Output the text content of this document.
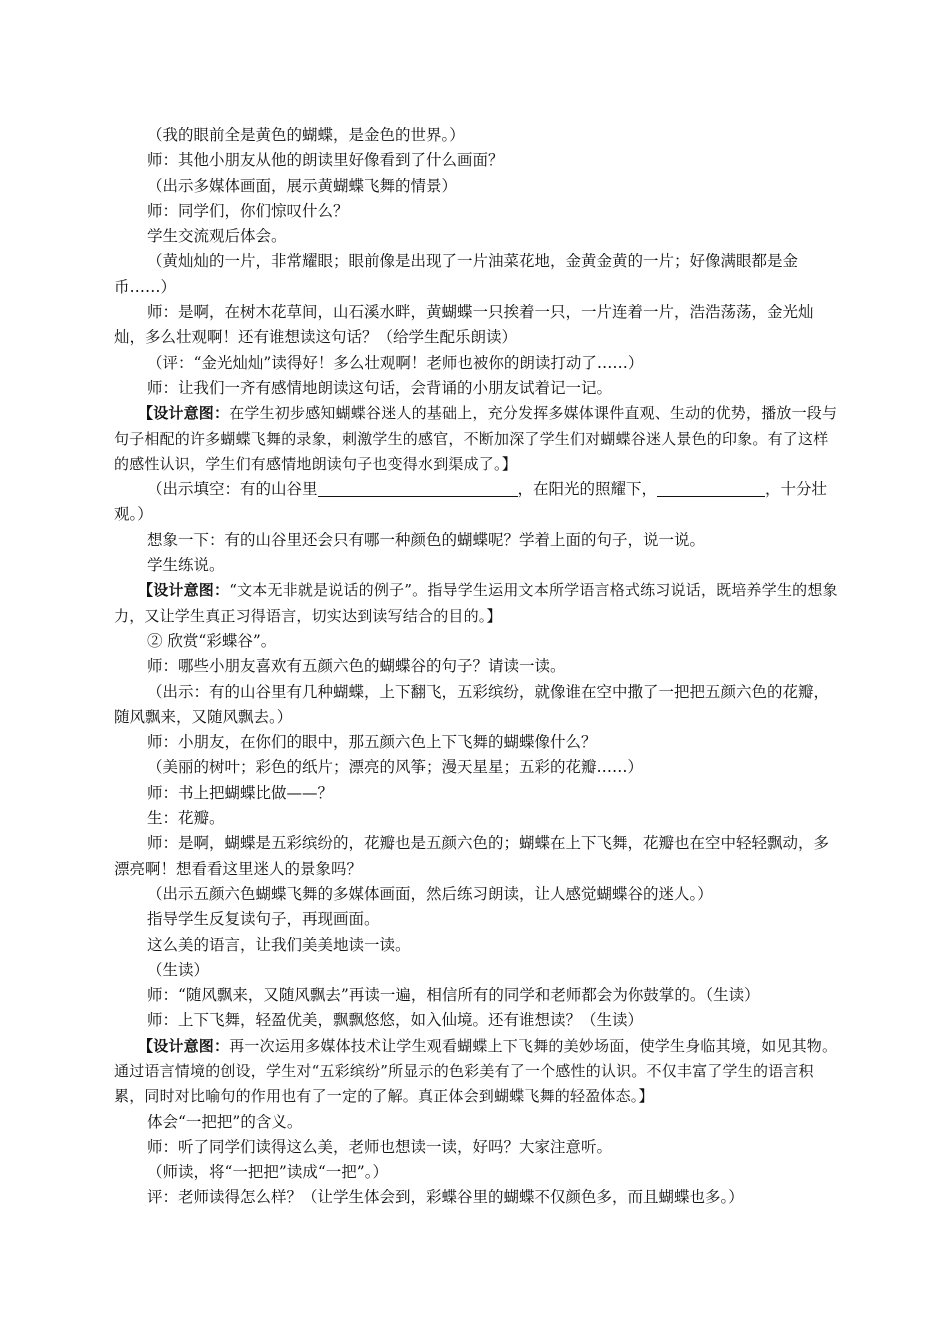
（我的眼前全是黄色的蝴蝶，是金色的世界。）

师：其他小朋友从他的朗读里好像看到了什么画面？

（出示多媒体画面，展示黄蝴蝶飞舞的情景）

师：同学们，你们惊叹什么？

学生交流观后体会。

（黄灿灿的一片，非常耀眼；眼前像是出现了一片油菜花地，金黄金黄的一片；好像满眼都是金币……）

师：是啊，在树木花草间，山石溪水畔，黄蝴蝶一只挨着一只，一片连着一片，浩浩荡荡，金光灿灿，多么壮观啊！还有谁想读这句话？（给学生配乐朗读）

（评：“金光灿灿”读得好！多么壮观啊！老师也被你的朗读打动了……）

师：让我们一齐有感情地朗读这句话，会背诵的小朋友试着记一记。

【设计意图：在学生初步感知蝴蝶谷迷人的基础上，充分发挥多媒体课件直观、生动的优势，播放一段与句子相配的许多蝴蝶飞舞的录象，刺激学生的感官，不断加深了学生们对蝴蝶谷迷人景色的印象。有了这样的感性认识，学生们有感情地朗读句子也变得水到渠成了。】

（出示填空：有的山谷里	，在阳光的照耀下，	，十分壮观。）

想象一下：有的山谷里还会只有哪一种颜色的蝴蝶呢？学着上面的句子，说一说。

学生练说。

【设计意图：“文本无非就是说话的例子”。指导学生运用文本所学语言格式练习说话，既培养学生的想象力，又让学生真正习得语言，切实达到读写结合的目的。】

② 欣赏“彩蝶谷”。

师：哪些小朋友喜欢有五颜六色的蝴蝶谷的句子？请读一读。

（出示：有的山谷里有几种蝴蝶，上下翻飞，五彩缤纷，就像谁在空中撒了一把把五颜六色的花瓣，随风飘来，又随风飘去。）

师：小朋友，在你们的眼中，那五颜六色上下飞舞的蝴蝶像什么？

（美丽的树叶；彩色的纸片；漂亮的风筝；漫天星星；五彩的花瓣……）

师：书上把蝴蝶比做——？

生：花瓣。

师：是啊，蝴蝶是五彩缤纷的，花瓣也是五颜六色的；蝴蝶在上下飞舞，花瓣也在空中轻轻飘动，多漂亮啊！想看看这里迷人的景象吗？

（出示五颜六色蝴蝶飞舞的多媒体画面，然后练习朗读，让人感觉蝴蝶谷的迷人。）

指导学生反复读句子，再现画面。

这么美的语言，让我们美美地读一读。

（生读）

师：“随风飘来，又随风飘去”再读一遍，相信所有的同学和老师都会为你鼓掌的。（生读）

师：上下飞舞，轻盈优美，飘飘悠悠，如入仙境。还有谁想读？（生读）

【设计意图：再一次运用多媒体技术让学生观看蝴蝶上下飞舞的美妙场面，使学生身临其境，如见其物。通过语言情境的创设，学生对“五彩缤纷”所显示的色彩美有了一个感性的认识。不仅丰富了学生的语言积累，同时对比喻句的作用也有了一定的了解。真正体会到蝴蝶飞舞的轻盈体态。】

体会“一把把”的含义。

师：听了同学们读得这么美，老师也想读一读，好吗？大家注意听。

（师读，将“一把把”读成“一把”。）

评：老师读得怎么样？（让学生体会到，彩蝶谷里的蝴蝶不仅颜色多，而且蝴蝶也多。）
